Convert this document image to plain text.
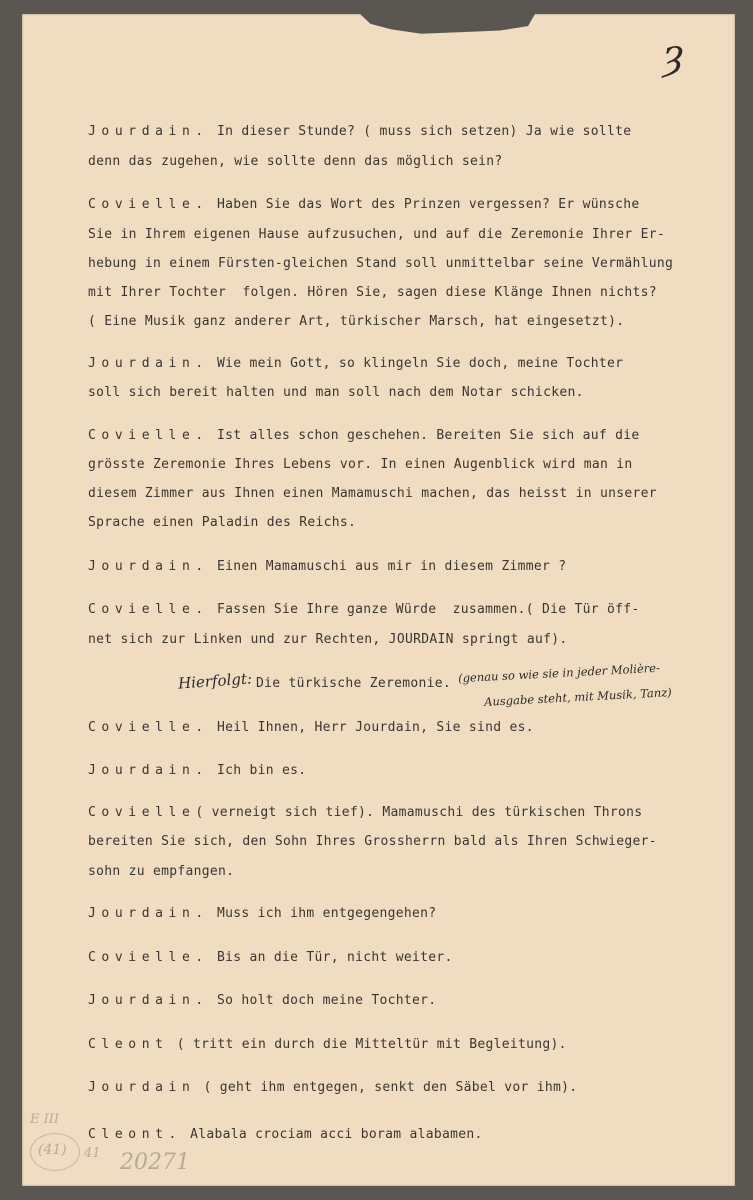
Ȝ

Jourdain. In dieser Stunde? ( muss sich setzen) Ja wie sollte

denn das zugehen, wie sollte denn das möglich sein?

Covielle. Haben Sie das Wort des Prinzen vergessen? Er wünsche

Sie in Ihrem eigenen Hause aufzusuchen, und auf die Zeremonie Ihrer Er-

hebung in einem Fürsten-gleichen Stand soll unmittelbar seine Vermählung

mit Ihrer Tochter  folgen. Hören Sie, sagen diese Klänge Ihnen nichts?

( Eine Musik ganz anderer Art, türkischer Marsch, hat eingesetzt).

Jourdain. Wie mein Gott, so klingeln Sie doch, meine Tochter

soll sich bereit halten und man soll nach dem Notar schicken.

Covielle. Ist alles schon geschehen. Bereiten Sie sich auf die

grösste Zeremonie Ihres Lebens vor. In einen Augenblick wird man in

diesem Zimmer aus Ihnen einen Mamamuschi machen, das heisst in unserer

Sprache einen Paladin des Reichs.

Jourdain. Einen Mamamuschi aus mir in diesem Zimmer ?

Covielle. Fassen Sie Ihre ganze Würde  zusammen.( Die Tür öff-

net sich zur Linken und zur Rechten, JOURDAIN springt auf).

Hierfolgt: Die türkische Zeremonie. (genau so wie sie in jeder Molière-
Ausgabe steht, mit Musik, Tanz)

Covielle. Heil Ihnen, Herr Jourdain, Sie sind es.

Jourdain. Ich bin es.

Covielle( verneigt sich tief). Mamamuschi des türkischen Throns

bereiten Sie sich, den Sohn Ihres Grossherrn bald als Ihren Schwieger-

sohn zu empfangen.

Jourdain. Muss ich ihm entgegengehen?

Covielle. Bis an die Tür, nicht weiter.

Jourdain. So holt doch meine Tochter.

Cleont ( tritt ein durch die Mitteltür mit Begleitung).

Jourdain ( geht ihm entgegen, senkt den Säbel vor ihm).

Cleont. Alabala crociam acci boram alabamen.

E III
(41) 41 20271
